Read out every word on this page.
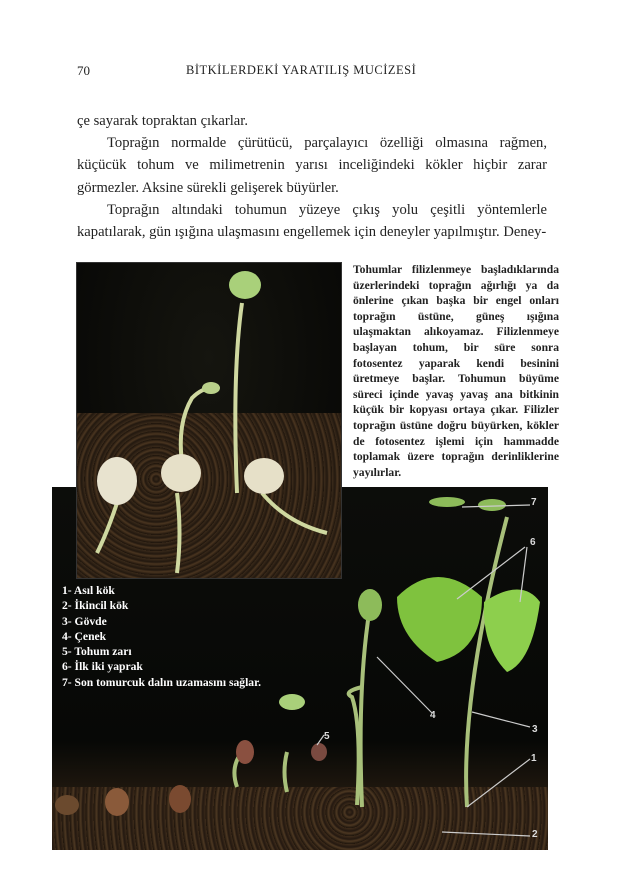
70	BİTKİLERDEKİ YARATILIŞ MUCİZESİ

çe sayarak topraktan çıkarlar.

Toprağın normalde çürütücü, parçalayıcı özelliği olmasına rağmen, küçücük tohum ve milimetrenin yarısı inceliğindeki kökler hiçbir zarar görmezler. Aksine sürekli gelişerek büyürler.

Toprağın altındaki tohumun yüzeye çıkış yolu çeşitli yöntemlerle kapatılarak, gün ışığına ulaşmasını engellemek için deneyler yapılmıştır. Deney-

7
6
4
3
5
1
2
Tohumlar filizlenmeye başladıklarında üzerlerindeki toprağın ağırlığı ya da önlerine çıkan başka bir engel onları toprağın üstüne, güneş ışığına ulaşmaktan alıkoyamaz. Filizlenmeye başlayan tohum, bir süre sonra fotosentez yaparak kendi besinini üretmeye başlar. Tohumun büyüme süreci içinde yavaş yavaş ana bitkinin küçük bir kopyası ortaya çıkar. Filizler toprağın üstüne doğru büyürken, kökler de fotosentez işlemi için hammadde toplamak üzere toprağın derinliklerine yayılırlar.
1- Asıl kök
2- İkincil kök
3- Gövde
4- Çenek
5- Tohum zarı
6- İlk iki yaprak
7- Son tomurcuk dalın uzamasını sağlar.
